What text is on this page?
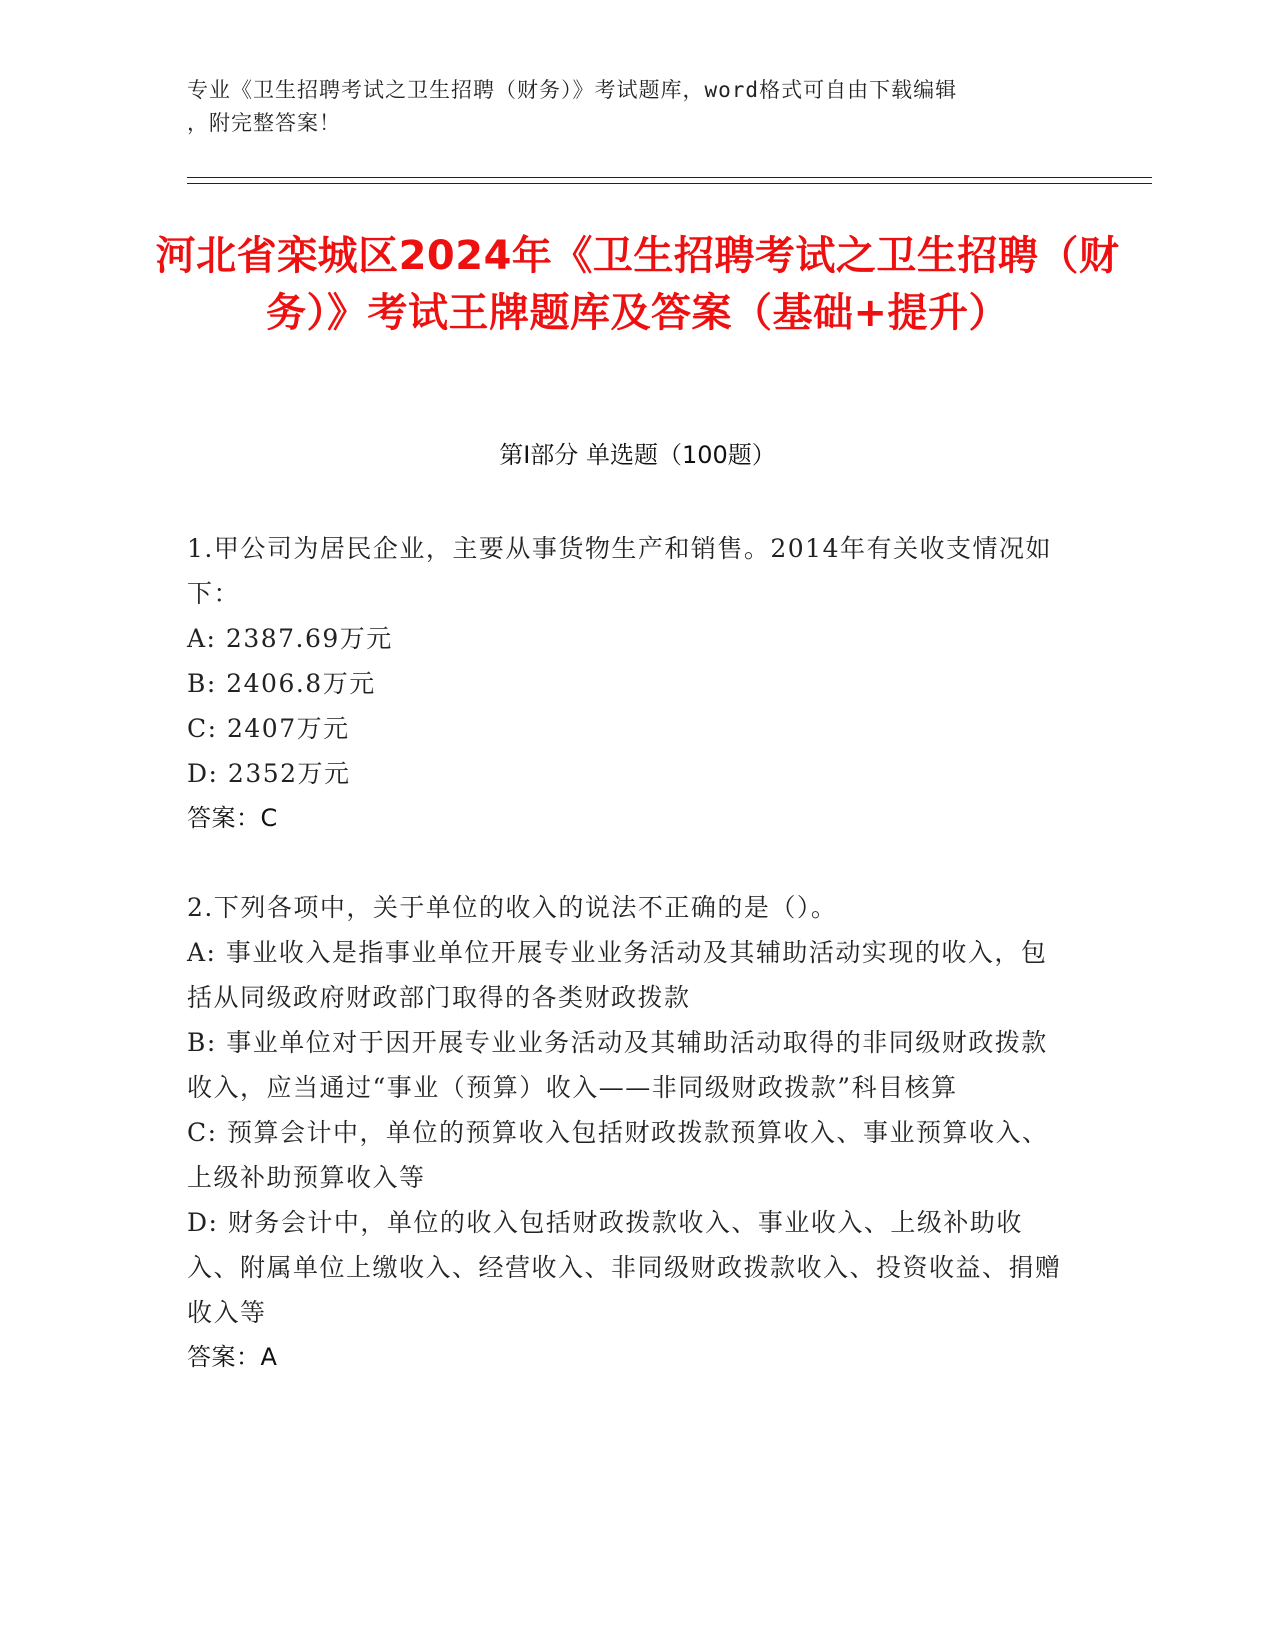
专业《卫生招聘考试之卫生招聘（财务）》考试题库，word格式可自由下载编辑
，附完整答案！
河北省栾城区2024年《卫生招聘考试之卫生招聘（财务）》考试王牌题库及答案（基础+提升）
第Ⅰ部分 单选题（100题）

1.甲公司为居民企业，主要从事货物生产和销售。2014年有关收支情况如下：

A: 2387.69万元

B: 2406.8万元

C: 2407万元

D: 2352万元

答案：C

2.下列各项中，关于单位的收入的说法不正确的是（）。

A: 事业收入是指事业单位开展专业业务活动及其辅助活动实现的收入，包括从同级政府财政部门取得的各类财政拨款

B: 事业单位对于因开展专业业务活动及其辅助活动取得的非同级财政拨款收入，应当通过“事业（预算）收入——非同级财政拨款”科目核算

C: 预算会计中，单位的预算收入包括财政拨款预算收入、事业预算收入、上级补助预算收入等

D: 财务会计中，单位的收入包括财政拨款收入、事业收入、上级补助收入、附属单位上缴收入、经营收入、非同级财政拨款收入、投资收益、捐赠收入等

答案：A
